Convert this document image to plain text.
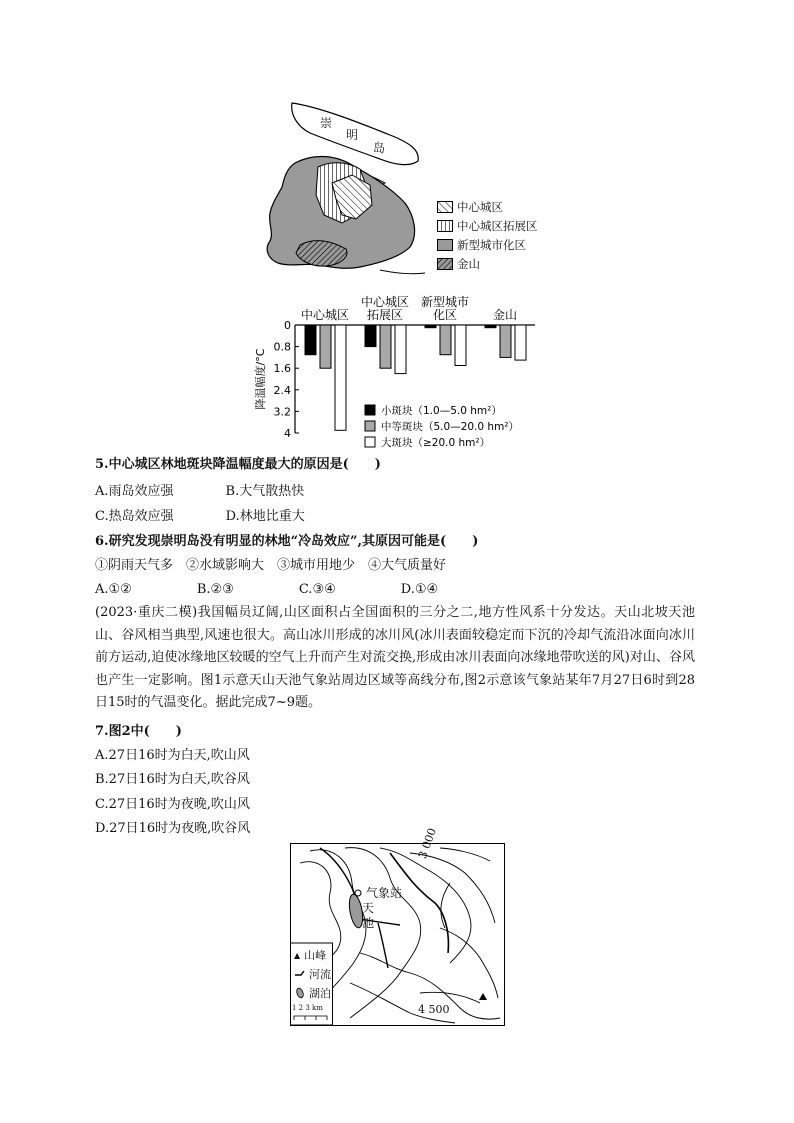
崇
明
岛
中心城区
中心城区拓展区
新型城市化区
金山
0
0.8
1.6
2.4
3.2
4
降温幅度/°C
中心城区
中心城区
拓展区
新型城市
化区	金山
小斑块（1.0—5.0 hm²）
中等斑块（5.0—20.0 hm²）
大斑块（≥20.0 hm²）
5.中心城区林地斑块降温幅度最大的原因是(　　)
A.雨岛效应强　　　　B.大气散热快
C.热岛效应强　　　　D.林地比重大
6.研究发现崇明岛没有明显的林地“冷岛效应”,其原因可能是(　　)
①阴雨天气多　②水域影响大　③城市用地少　④大气质量好
A.①②　　　　　B.②③　　　　　C.③④　　　　　D.①④
(2023·重庆二模)我国幅员辽阔,山区面积占全国面积的三分之二,地方性风系十分发达。天山北坡天池山、谷风相当典型,风速也很大。高山冰川形成的冰川风(冰川表面较稳定而下沉的冷却气流沿冰面向冰川前方运动,迫使冰缘地区较暖的空气上升而产生对流交换,形成由冰川表面向冰缘地带吹送的风)对山、谷风也产生一定影响。图1示意天山天池气象站周边区域等高线分布,图2示意该气象站某年7月27日6时到28日15时的气温变化。据此完成7~9题。
7.图2中(　　)
A.27日16时为白天,吹山风
B.27日16时为白天,吹谷风
C.27日16时为夜晚,吹山风
D.27日16时为夜晚,吹谷风
气象站
天
池
3 000
4 500
▲ 山峰
河流
湖泊
1 2 3 km
